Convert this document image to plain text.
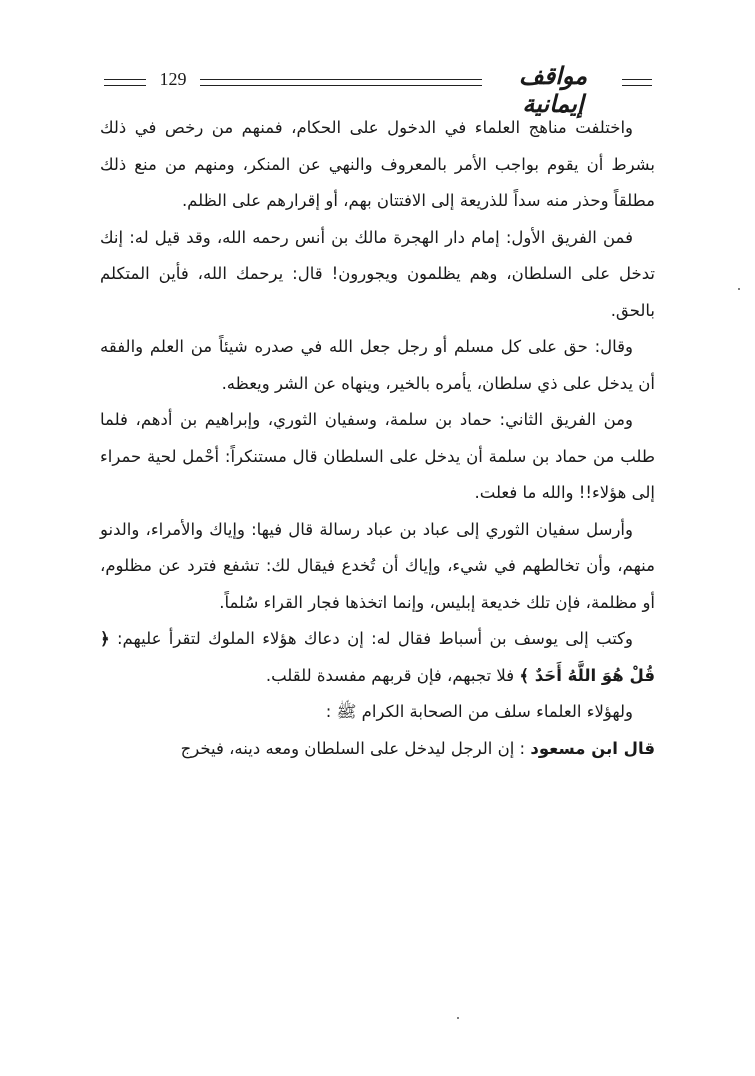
129	مواقف إيمانية

واختلفت مناهج العلماء في الدخول على الحكام، فمنهم من رخص في ذلك بشرط أن يقوم بواجب الأمر بالمعروف والنهي عن المنكر، ومنهم من منع ذلك مطلقاً وحذر منه سداً للذريعة إلى الافتتان بهم، أو إقرارهم على الظلم.

فمن الفريق الأول: إمام دار الهجرة مالك بن أنس رحمه الله، وقد قيل له: إنك تدخل على السلطان، وهم يظلمون ويجورون! قال: يرحمك الله، فأين المتكلم بالحق.

وقال: حق على كل مسلم أو رجل جعل الله في صدره شيئاً من العلم والفقه أن يدخل على ذي سلطان، يأمره بالخير، وينهاه عن الشر ويعظه.

ومن الفريق الثاني: حماد بن سلمة، وسفيان الثوري، وإبراهيم بن أدهم، فلما طلب من حماد بن سلمة أن يدخل على السلطان قال مستنكراً: أحْمل لحية حمراء إلى هؤلاء!! والله ما فعلت.

وأرسل سفيان الثوري إلى عباد بن عباد رسالة قال فيها: وإياك والأمراء، والدنو منهم، وأن تخالطهم في شيء، وإياك أن تُخدع فيقال لك: تشفع فترد عن مظلوم، أو مظلمة، فإن تلك خديعة إبليس، وإنما اتخذها فجار القراء سُلماً.

وكتب إلى يوسف بن أسباط فقال له: إن دعاك هؤلاء الملوك لتقرأ عليهم: ﴿ قُلْ هُوَ اللَّهُ أَحَدٌ ﴾ فلا تجبهم، فإن قربهم مفسدة للقلب.

ولهؤلاء العلماء سلف من الصحابة الكرام ﷺ :

قال ابن مسعود : إن الرجل ليدخل على السلطان ومعه دينه، فيخرج
